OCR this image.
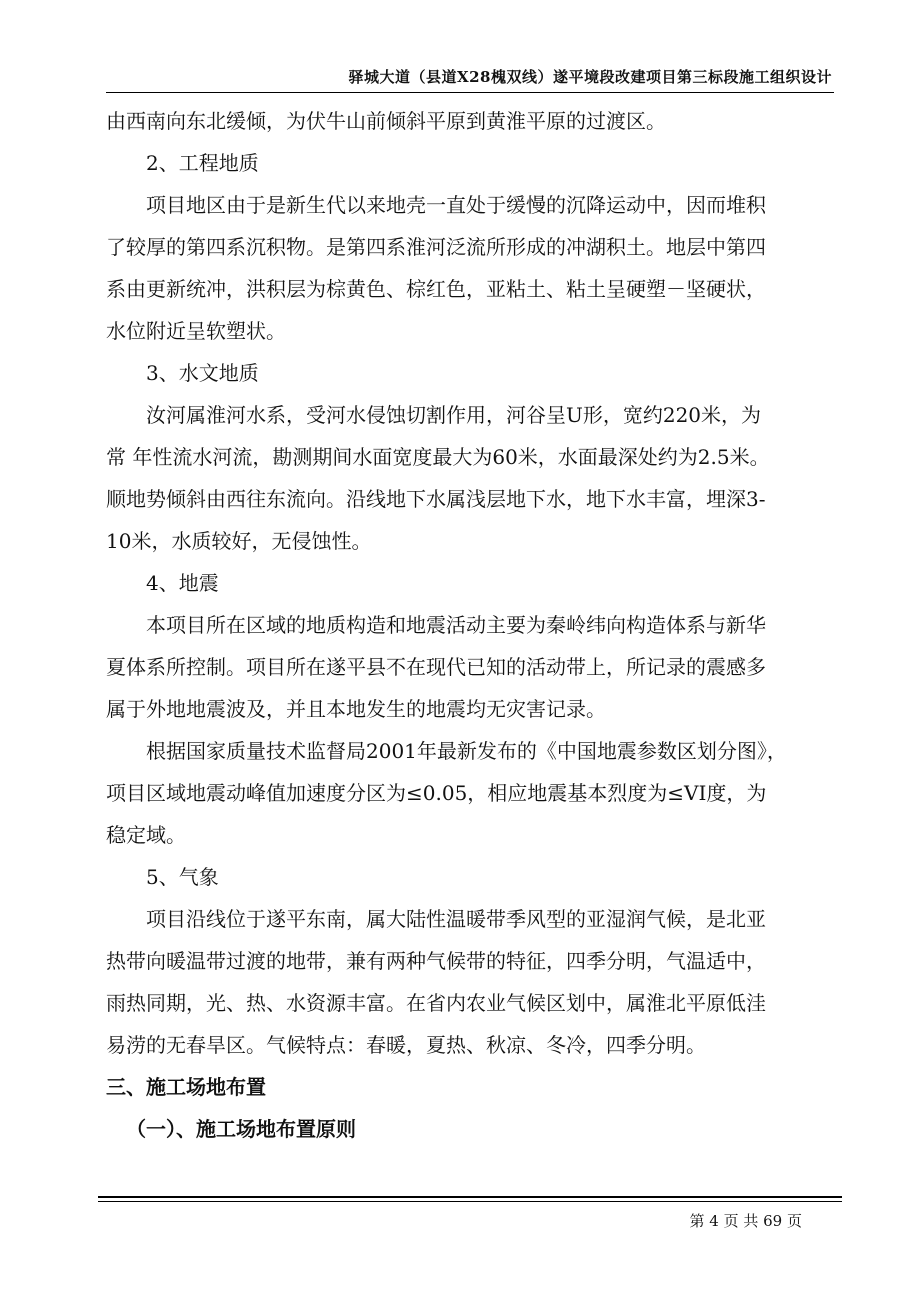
驿城大道（县道X28槐双线）遂平境段改建项目第三标段施工组织设计

由西南向东北缓倾，为伏牛山前倾斜平原到黄淮平原的过渡区。

2、工程地质

项目地区由于是新生代以来地壳一直处于缓慢的沉降运动中，因而堆积

了较厚的第四系沉积物。是第四系淮河泛流所形成的冲湖积土。地层中第四

系由更新统冲，洪积层为棕黄色、棕红色，亚粘土、粘土呈硬塑－坚硬状，

水位附近呈软塑状。

3、水文地质

汝河属淮河水系，受河水侵蚀切割作用，河谷呈U形，宽约220米，为

常 年性流水河流，勘测期间水面宽度最大为60米，水面最深处约为2.5米。

顺地势倾斜由西往东流向。沿线地下水属浅层地下水，地下水丰富，埋深3-

10米，水质较好，无侵蚀性。

4、地震

本项目所在区域的地质构造和地震活动主要为秦岭纬向构造体系与新华

夏体系所控制。项目所在遂平县不在现代已知的活动带上，所记录的震感多

属于外地地震波及，并且本地发生的地震均无灾害记录。

根据国家质量技术监督局2001年最新发布的《中国地震参数区划分图》，

项目区域地震动峰值加速度分区为≤0.05，相应地震基本烈度为≤VI度，为

稳定域。

5、气象

项目沿线位于遂平东南，属大陆性温暖带季风型的亚湿润气候，是北亚

热带向暖温带过渡的地带，兼有两种气候带的特征，四季分明，气温适中，

雨热同期，光、热、水资源丰富。在省内农业气候区划中，属淮北平原低洼

易涝的无春旱区。气候特点：春暖，夏热、秋凉、冬冷，四季分明。

三、施工场地布置

（一）、施工场地布置原则

第 4 页 共 69 页
